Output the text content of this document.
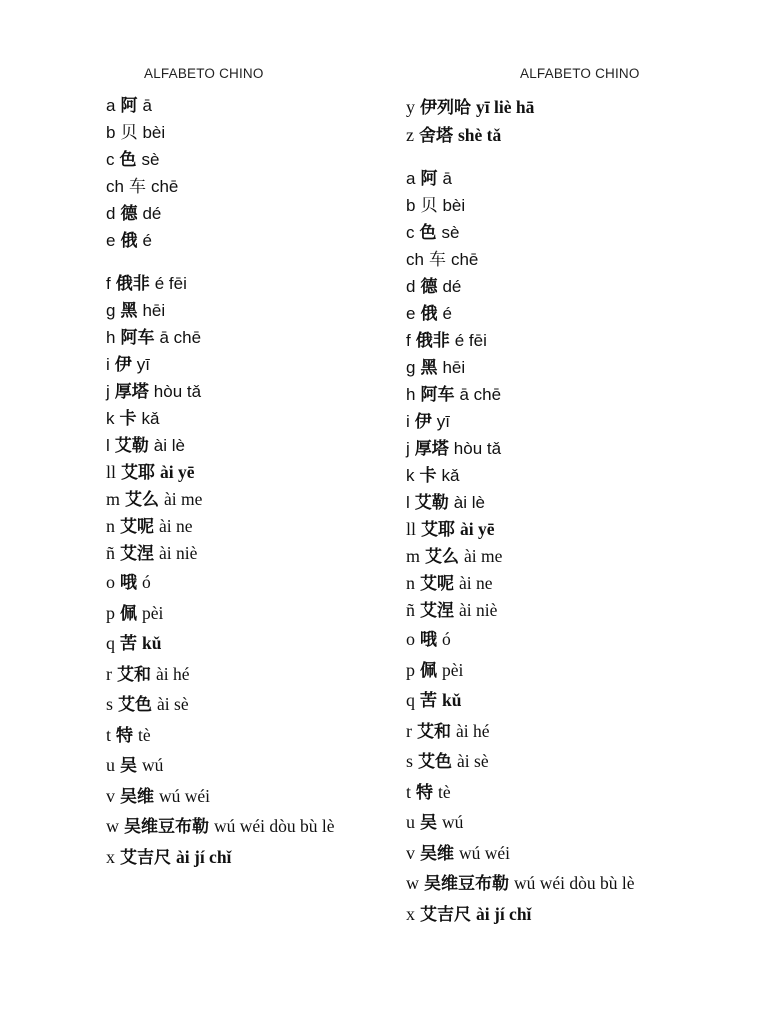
ALFABETO CHINO	ALFABETO CHINO
a 阿 ā
b 贝 bèi
c 色 sè
ch 车 chē
d 德 dé
e 俄 é
f 俄非 é fēi
g 黑 hēi
h 阿车 ā chē
i 伊 yī
j 厚塔 hòu tǎ
k 卡 kǎ
l 艾勒 ài lè
ll 艾耶 ài yē
m 艾么 ài me
n 艾呢 ài ne
ñ 艾涅 ài niè
o 哦 ó
p 佩 pèi
q 苦 kǔ
r 艾和 ài hé
s 艾色 ài sè
t 特 tè
u 吴 wú
v 吴维 wú wéi
w 吴维豆布勒 wú wéi dòu bù lè
x 艾吉尺 ài jí chǐ
y 伊列哈 yī liè hā
z 舍塔 shè tǎ
a 阿 ā
b 贝 bèi
c 色 sè
ch 车 chē
d 德 dé
e 俄 é
f 俄非 é fēi
g 黑 hēi
h 阿车 ā chē
i 伊 yī
j 厚塔 hòu tǎ
k 卡 kǎ
l 艾勒 ài lè
ll 艾耶 ài yē
m 艾么 ài me
n 艾呢 ài ne
ñ 艾涅 ài niè
o 哦 ó
p 佩 pèi
q 苦 kǔ
r 艾和 ài hé
s 艾色 ài sè
t 特 tè
u 吴 wú
v 吴维 wú wéi
w 吴维豆布勒 wú wéi dòu bù lè
x 艾吉尺 ài jí chǐ
